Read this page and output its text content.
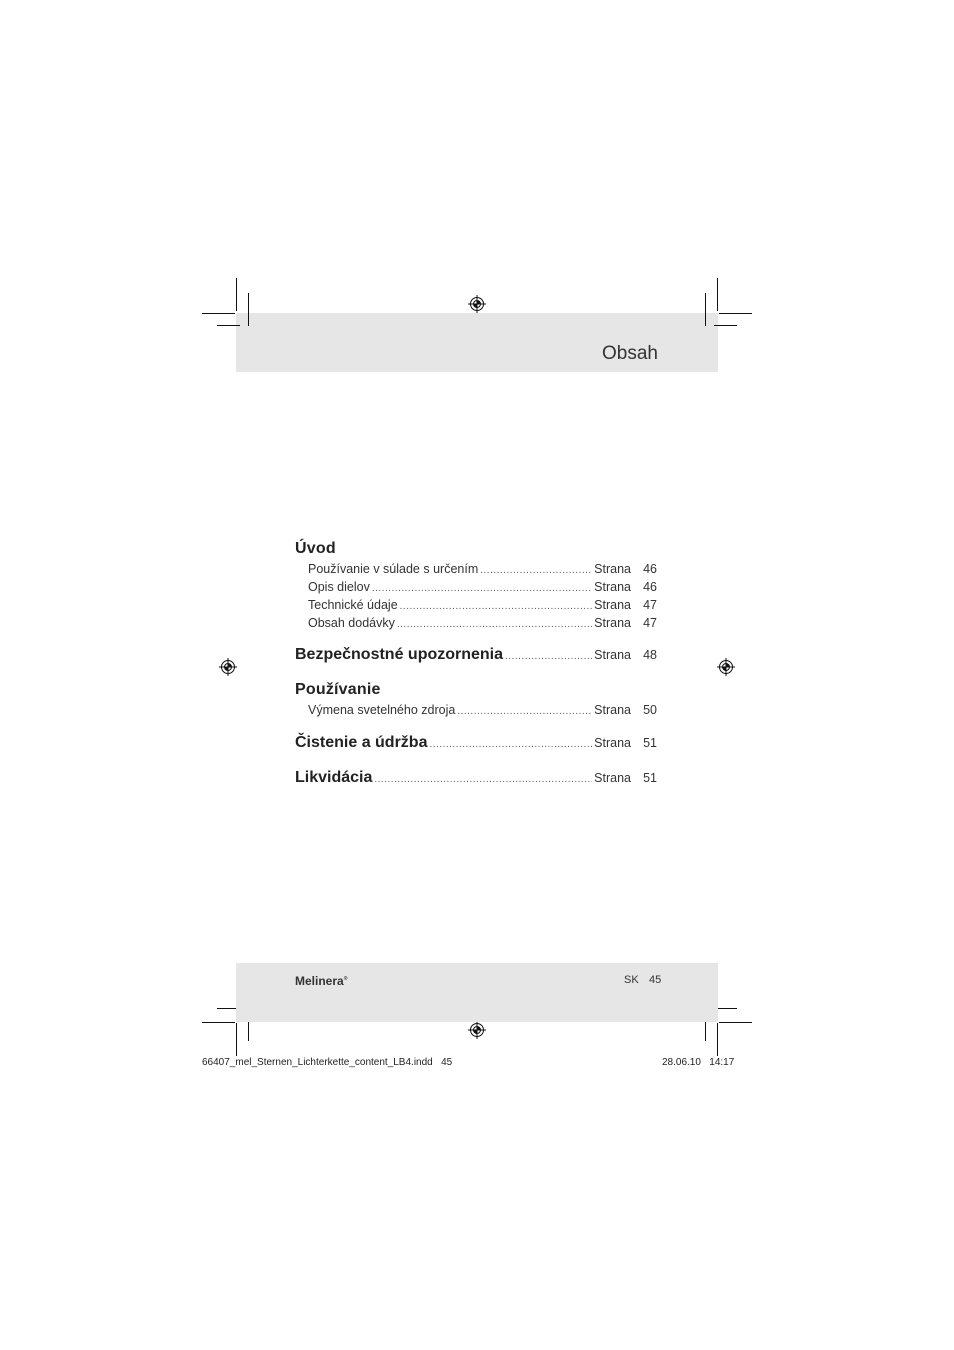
Obsah
Úvod
Používanie v súlade s určením .....	Strana 46
Opis dielov .....	Strana 46
Technické údaje .....	Strana 47
Obsah dodávky .....	Strana 47
Bezpečnostné upozornenia .....	Strana 48
Používanie
Výmena svetelného zdroja .....	Strana 50
Čistenie a údržba .....	Strana 51
Likvidácia .....	Strana 51
Melinera®	SK 45
66407_mel_Sternen_Lichterkette_content_LB4.indd   45	28.06.10   14:17
